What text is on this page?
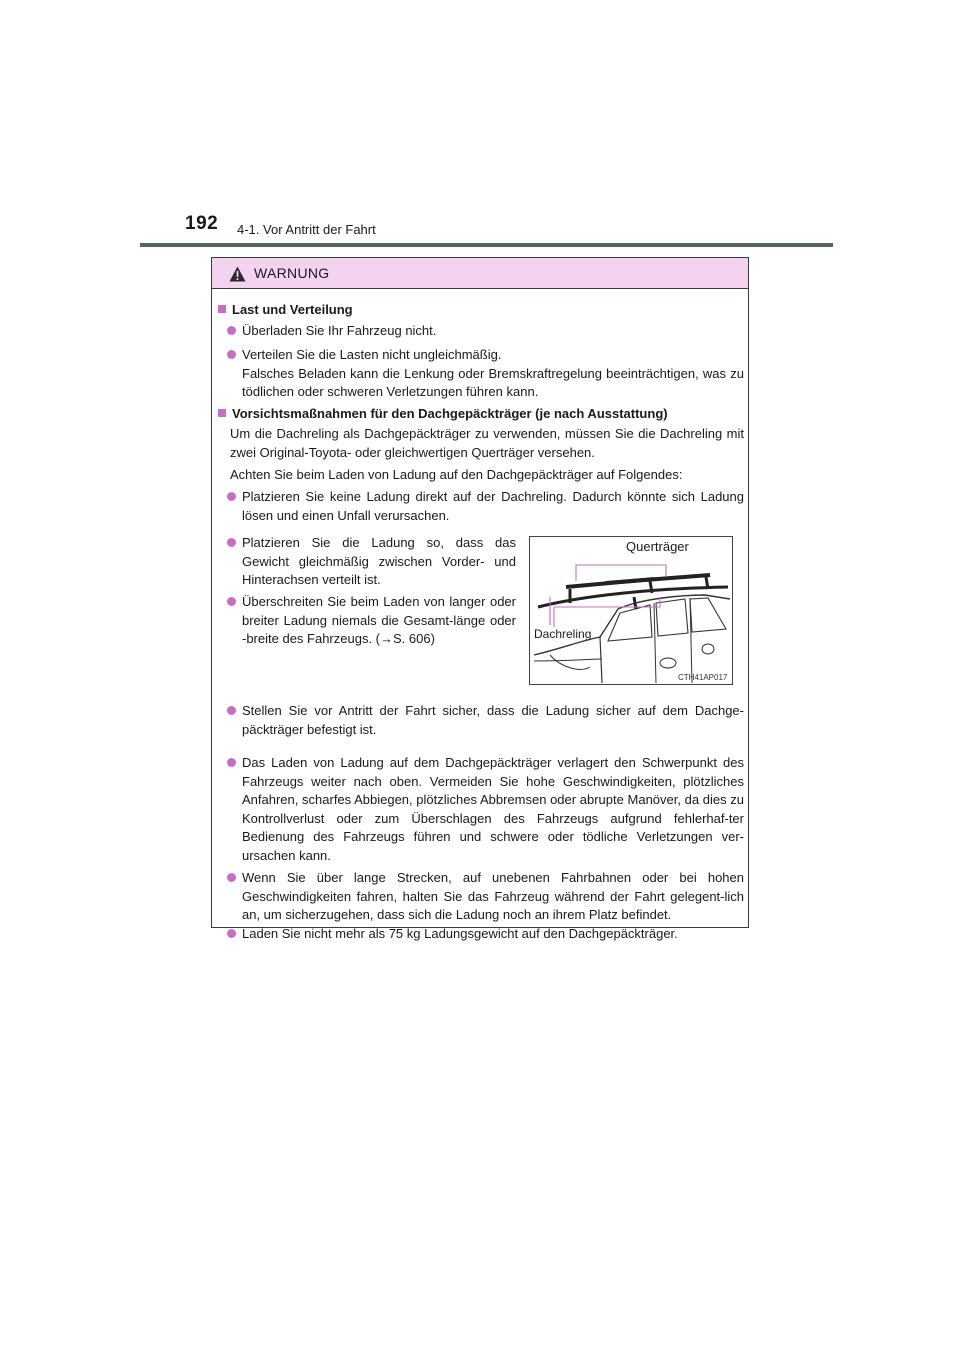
192 4-1. Vor Antritt der Fahrt
WARNUNG
Last und Verteilung
Überladen Sie Ihr Fahrzeug nicht.
Verteilen Sie die Lasten nicht ungleichmäßig.
Falsches Beladen kann die Lenkung oder Bremskraftregelung beeinträchtigen, was zu tödlichen oder schweren Verletzungen führen kann.
Vorsichtsmaßnahmen für den Dachgepäckträger (je nach Ausstattung)
Um die Dachreling als Dachgepäckträger zu verwenden, müssen Sie die Dachreling mit zwei Original-Toyota- oder gleichwertigen Querträger versehen.
Achten Sie beim Laden von Ladung auf den Dachgepäckträger auf Folgendes:
Platzieren Sie keine Ladung direkt auf der Dachreling. Dadurch könnte sich Ladung lösen und einen Unfall verursachen.
Platzieren Sie die Ladung so, dass das Gewicht gleichmäßig zwischen Vorder- und Hinterachsen verteilt ist.
Überschreiten Sie beim Laden von langer oder breiter Ladung niemals die Gesamt-länge oder -breite des Fahrzeugs. (→S. 606)
Querträger
Dachreling
CTH41AP017
Stellen Sie vor Antritt der Fahrt sicher, dass die Ladung sicher auf dem Dachge-päckträger befestigt ist.
Das Laden von Ladung auf dem Dachgepäckträger verlagert den Schwerpunkt des Fahrzeugs weiter nach oben. Vermeiden Sie hohe Geschwindigkeiten, plötzliches Anfahren, scharfes Abbiegen, plötzliches Abbremsen oder abrupte Manöver, da dies zu Kontrollverlust oder zum Überschlagen des Fahrzeugs aufgrund fehlerhaf-ter Bedienung des Fahrzeugs führen und schwere oder tödliche Verletzungen ver-ursachen kann.
Wenn Sie über lange Strecken, auf unebenen Fahrbahnen oder bei hohen Geschwindigkeiten fahren, halten Sie das Fahrzeug während der Fahrt gelegent-lich an, um sicherzugehen, dass sich die Ladung noch an ihrem Platz befindet.
Laden Sie nicht mehr als 75 kg Ladungsgewicht auf den Dachgepäckträger.
